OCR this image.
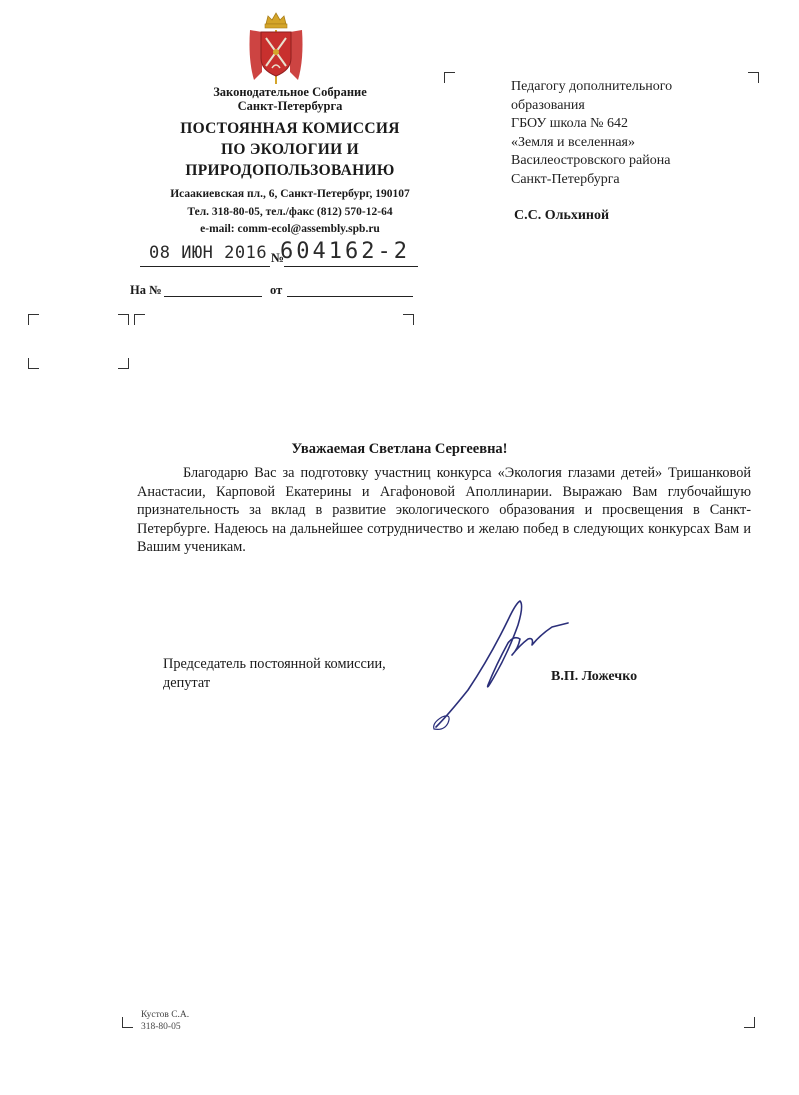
Законодательное Собрание
Санкт-Петербурга
ПОСТОЯННАЯ КОМИССИЯ
ПО ЭКОЛОГИИ И
ПРИРОДОПОЛЬЗОВАНИЮ
Исаакиевская пл., 6, Санкт-Петербург, 190107
Тел. 318-80-05, тел./факс (812) 570-12-64
e-mail: comm-ecol@assembly.spb.ru
08 ИЮН 2016 №
604162-2
На №	от
Педагогу дополнительного
образования
ГБОУ школа № 642
«Земля и вселенная»
Василеостровского района
Санкт-Петербурга
С.С. Ольхиной
Уважаемая Светлана Сергеевна!
Благодарю Вас за подготовку участниц конкурса «Экология глазами детей» Тришанковой Анастасии, Карповой Екатерины и Агафоновой Аполлинарии. Выражаю Вам глубочайшую признательность за вклад в развитие экологического образования и просвещения в Санкт-Петербурге. Надеюсь на дальнейшее сотрудничество и желаю побед в следующих конкурсах Вам и Вашим ученикам.
Председатель постоянной комиссии,
депутат	В.П. Ложечко
Кустов С.А.
318-80-05
